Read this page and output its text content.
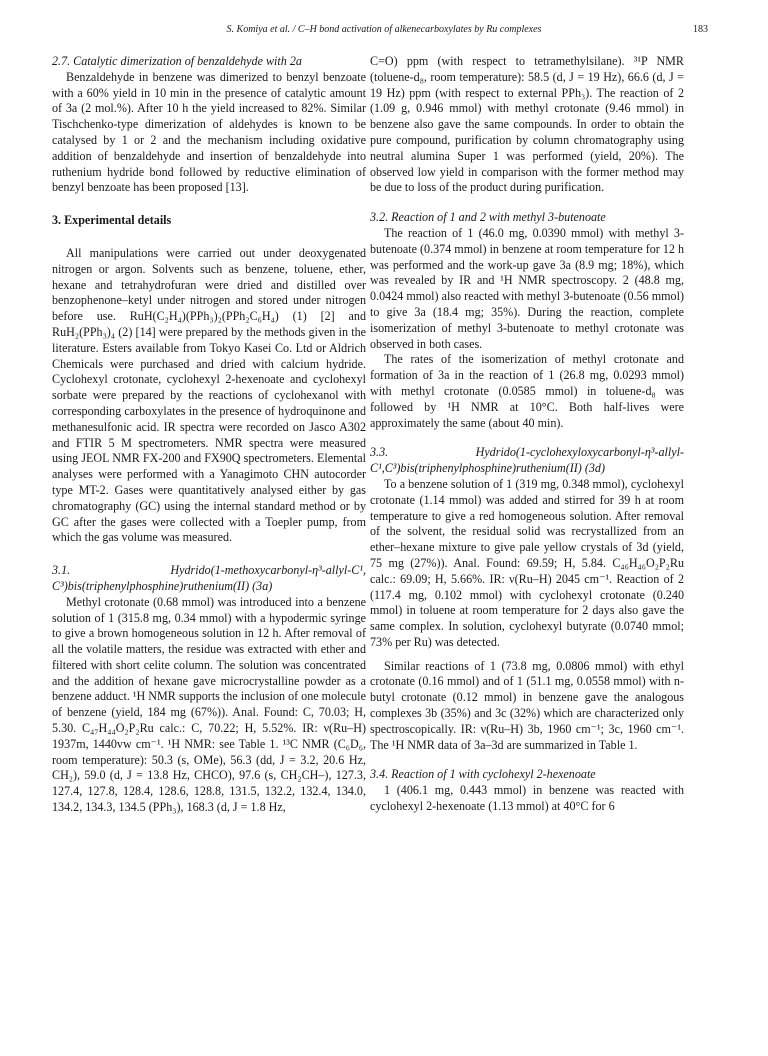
S. Komiya et al. / C–H bond activation of alkenecarboxylates by Ru complexes	183
2.7. Catalytic dimerization of benzaldehyde with 2a

Benzaldehyde in benzene was dimerized to benzyl benzoate with a 60% yield in 10 min in the presence of catalytic amount of 3a (2 mol.%). After 10 h the yield increased to 82%. Similar Tischchenko-type dimerization of aldehydes is known to be catalysed by 1 or 2 and the mechanism including oxidative addition of benzaldehyde and insertion of benzaldehyde into ruthenium hydride bond followed by reductive elimination of benzyl benzoate has been proposed [13].

3. Experimental details

All manipulations were carried out under deoxygenated nitrogen or argon. Solvents such as benzene, toluene, ether, hexane and tetrahydrofuran were dried and distilled over benzophenone–ketyl under nitrogen and stored under nitrogen before use. RuH(C₂H₄)(PPh₃)₂(PPh₂C₆H₄) (1) [2] and RuH₂(PPh₃)₄ (2) [14] were prepared by the methods given in the literature. Esters available from Tokyo Kasei Co. Ltd or Aldrich Chemicals were purchased and dried with calcium hydride. Cyclohexyl crotonate, cyclohexyl 2-hexenoate and cyclohexyl sorbate were prepared by the reactions of cyclohexanol with corresponding carboxylates in the presence of hydroquinone and methanesulfonic acid. IR spectra were recorded on Jasco A302 and FTIR 5 M spectrometers. NMR spectra were measured using JEOL NMR FX-200 and FX90Q spectrometers. Elemental analyses were performed with a Yanagimoto CHN autocorder type MT-2. Gases were quantitatively analysed either by gas chromatography (GC) using the internal standard method or by GC after the gases were collected with a Toepler pump, from which the gas volume was measured.

3.1. Hydrido(1-methoxycarbonyl-η³-allyl-C¹, C³)bis(triphenylphosphine)ruthenium(II) (3a)

Methyl crotonate (0.68 mmol) was introduced into a benzene solution of 1 (315.8 mg, 0.34 mmol) with a hypodermic syringe to give a brown homogeneous solution in 12 h. After removal of all the volatile matters, the residue was extracted with ether and filtered with short celite column. The solution was concentrated and the addition of hexane gave microcrystalline powder as a benzene adduct. ¹H NMR supports the inclusion of one molecule of benzene (yield, 184 mg (67%)). Anal. Found: C, 70.03; H, 5.30. C₄₇H₄₄O₂P₂Ru calc.: C, 70.22; H, 5.52%. IR: ν(Ru–H) 1937m, 1440vw cm⁻¹. ¹H NMR: see Table 1. ¹³C NMR (C₆D₆, room temperature): 50.3 (s, OMe), 56.3 (dd, J = 3.2, 20.6 Hz, CH₂), 59.0 (d, J = 13.8 Hz, CHCO), 97.6 (s, CH₂CH–), 127.3, 127.4, 127.8, 128.4, 128.6, 128.8, 131.5, 132.2, 132.4, 134.0, 134.2, 134.3, 134.5 (PPh₃), 168.3 (d, J = 1.8 Hz,

C=O) ppm (with respect to tetramethylsilane). ³¹P NMR (toluene-d₈, room temperature): 58.5 (d, J = 19 Hz), 66.6 (d, J = 19 Hz) ppm (with respect to external PPh₃). The reaction of 2 (1.09 g, 0.946 mmol) with methyl crotonate (9.46 mmol) in benzene also gave the same compounds. In order to obtain the pure compound, purification by column chromatography using neutral alumina Super 1 was performed (yield, 20%). The observed low yield in comparison with the former method may be due to loss of the product during purification.

3.2. Reaction of 1 and 2 with methyl 3-butenoate

The reaction of 1 (46.0 mg, 0.0390 mmol) with methyl 3-butenoate (0.374 mmol) in benzene at room temperature for 12 h was performed and the work-up gave 3a (8.9 mg; 18%), which was revealed by IR and ¹H NMR spectroscopy. 2 (48.8 mg, 0.0424 mmol) also reacted with methyl 3-butenoate (0.56 mmol) to give 3a (18.4 mg; 35%). During the reaction, complete isomerization of methyl 3-butenoate to methyl crotonate was observed in both cases.

The rates of the isomerization of methyl crotonate and formation of 3a in the reaction of 1 (26.8 mg, 0.0293 mmol) with methyl crotonate (0.0585 mmol) in toluene-d₈ was followed by ¹H NMR at 10°C. Both half-lives were approximately the same (about 40 min).

3.3. Hydrido(1-cyclohexyloxycarbonyl-η³-allyl-C¹,C³)bis(triphenylphosphine)ruthenium(II) (3d)

To a benzene solution of 1 (319 mg, 0.348 mmol), cyclohexyl crotonate (1.14 mmol) was added and stirred for 39 h at room temperature to give a red homogeneous solution. After removal of the solvent, the residual solid was recrystallized from an ether–hexane mixture to give pale yellow crystals of 3d (yield, 75 mg (27%)). Anal. Found: 69.59; H, 5.84. C₄₆H₄₆O₂P₂Ru calc.: 69.09; H, 5.66%. IR: ν(Ru–H) 2045 cm⁻¹. Reaction of 2 (117.4 mg, 0.102 mmol) with cyclohexyl crotonate (0.240 mmol) in toluene at room temperature for 2 days also gave the same complex. In solution, cyclohexyl butyrate (0.0740 mmol; 73% per Ru) was detected.

Similar reactions of 1 (73.8 mg, 0.0806 mmol) with ethyl crotonate (0.16 mmol) and of 1 (51.1 mg, 0.0558 mmol) with n-butyl crotonate (0.12 mmol) in benzene gave the analogous complexes 3b (35%) and 3c (32%) which are characterized only spectroscopically. IR: ν(Ru–H) 3b, 1960 cm⁻¹; 3c, 1960 cm⁻¹. The ¹H NMR data of 3a–3d are summarized in Table 1.

3.4. Reaction of 1 with cyclohexyl 2-hexenoate

1 (406.1 mg, 0.443 mmol) in benzene was reacted with cyclohexyl 2-hexenoate (1.13 mmol) at 40°C for 6
